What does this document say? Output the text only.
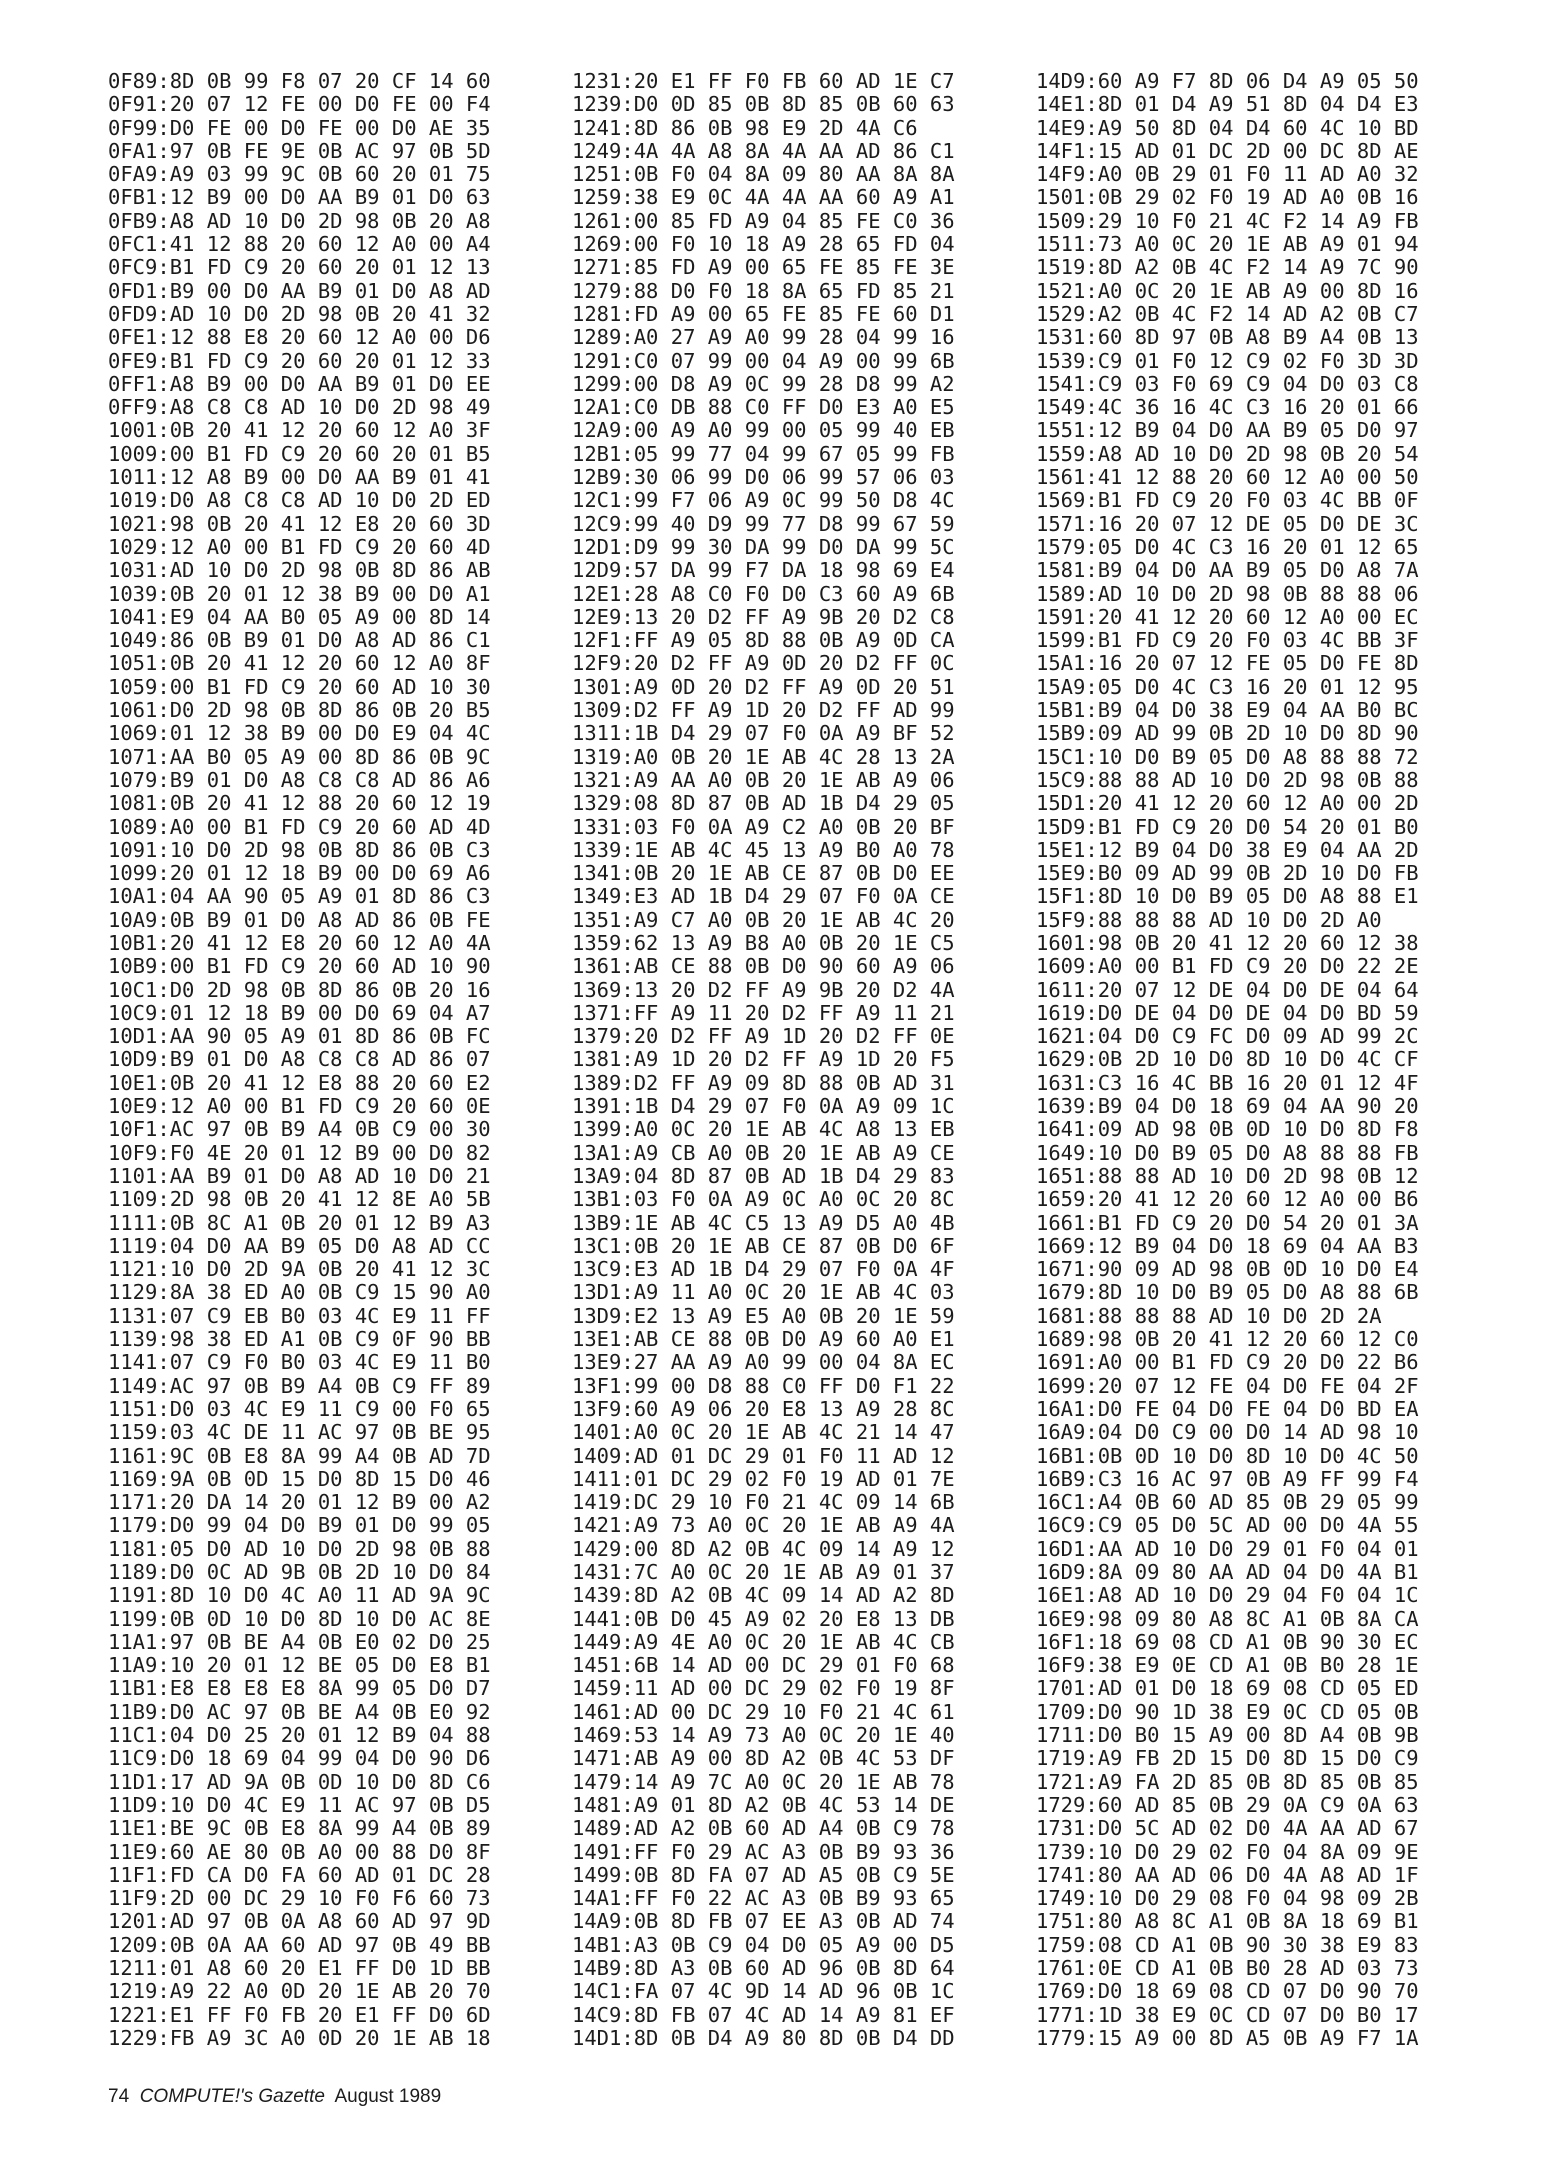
0F89:8D 0B 99 F8 07 20 CF 14 60
0F91:20 07 12 FE 00 D0 FE 00 F4
0F99:D0 FE 00 D0 FE 00 D0 AE 35
0FA1:97 0B FE 9E 0B AC 97 0B 5D
0FA9:A9 03 99 9C 0B 60 20 01 75
0FB1:12 B9 00 D0 AA B9 01 D0 63
0FB9:A8 AD 10 D0 2D 98 0B 20 A8
0FC1:41 12 88 20 60 12 A0 00 A4
0FC9:B1 FD C9 20 60 20 01 12 13
0FD1:B9 00 D0 AA B9 01 D0 A8 AD
0FD9:AD 10 D0 2D 98 0B 20 41 32
0FE1:12 88 E8 20 60 12 A0 00 D6
0FE9:B1 FD C9 20 60 20 01 12 33
0FF1:A8 B9 00 D0 AA B9 01 D0 EE
0FF9:A8 C8 C8 AD 10 D0 2D 98 49
1001:0B 20 41 12 20 60 12 A0 3F
1009:00 B1 FD C9 20 60 20 01 B5
1011:12 A8 B9 00 D0 AA B9 01 41
1019:D0 A8 C8 C8 AD 10 D0 2D ED
1021:98 0B 20 41 12 E8 20 60 3D
1029:12 A0 00 B1 FD C9 20 60 4D
1031:AD 10 D0 2D 98 0B 8D 86 AB
1039:0B 20 01 12 38 B9 00 D0 A1
1041:E9 04 AA B0 05 A9 00 8D 14
1049:86 0B B9 01 D0 A8 AD 86 C1
1051:0B 20 41 12 20 60 12 A0 8F
1059:00 B1 FD C9 20 60 AD 10 30
1061:D0 2D 98 0B 8D 86 0B 20 B5
1069:01 12 38 B9 00 D0 E9 04 4C
1071:AA B0 05 A9 00 8D 86 0B 9C
1079:B9 01 D0 A8 C8 C8 AD 86 A6
1081:0B 20 41 12 88 20 60 12 19
1089:A0 00 B1 FD C9 20 60 AD 4D
1091:10 D0 2D 98 0B 8D 86 0B C3
1099:20 01 12 18 B9 00 D0 69 A6
10A1:04 AA 90 05 A9 01 8D 86 C3
10A9:0B B9 01 D0 A8 AD 86 0B FE
10B1:20 41 12 E8 20 60 12 A0 4A
10B9:00 B1 FD C9 20 60 AD 10 90
10C1:D0 2D 98 0B 8D 86 0B 20 16
10C9:01 12 18 B9 00 D0 69 04 A7
10D1:AA 90 05 A9 01 8D 86 0B FC
10D9:B9 01 D0 A8 C8 C8 AD 86 07
10E1:0B 20 41 12 E8 88 20 60 E2
10E9:12 A0 00 B1 FD C9 20 60 0E
10F1:AC 97 0B B9 A4 0B C9 00 30
10F9:F0 4E 20 01 12 B9 00 D0 82
1101:AA B9 01 D0 A8 AD 10 D0 21
1109:2D 98 0B 20 41 12 8E A0 5B
1111:0B 8C A1 0B 20 01 12 B9 A3
1119:04 D0 AA B9 05 D0 A8 AD CC
1121:10 D0 2D 9A 0B 20 41 12 3C
1129:8A 38 ED A0 0B C9 15 90 A0
1131:07 C9 EB B0 03 4C E9 11 FF
1139:98 38 ED A1 0B C9 0F 90 BB
1141:07 C9 F0 B0 03 4C E9 11 B0
1149:AC 97 0B B9 A4 0B C9 FF 89
1151:D0 03 4C E9 11 C9 00 F0 65
1159:03 4C DE 11 AC 97 0B BE 95
1161:9C 0B E8 8A 99 A4 0B AD 7D
1169:9A 0B 0D 15 D0 8D 15 D0 46
1171:20 DA 14 20 01 12 B9 00 A2
1179:D0 99 04 D0 B9 01 D0 99 05
1181:05 D0 AD 10 D0 2D 98 0B 88
1189:D0 0C AD 9B 0B 2D 10 D0 84
1191:8D 10 D0 4C A0 11 AD 9A 9C
1199:0B 0D 10 D0 8D 10 D0 AC 8E
11A1:97 0B BE A4 0B E0 02 D0 25
11A9:10 20 01 12 BE 05 D0 E8 B1
11B1:E8 E8 E8 E8 8A 99 05 D0 D7
11B9:D0 AC 97 0B BE A4 0B E0 92
11C1:04 D0 25 20 01 12 B9 04 88
11C9:D0 18 69 04 99 04 D0 90 D6
11D1:17 AD 9A 0B 0D 10 D0 8D C6
11D9:10 D0 4C E9 11 AC 97 0B D5
11E1:BE 9C 0B E8 8A 99 A4 0B 89
11E9:60 AE 80 0B A0 00 88 D0 8F
11F1:FD CA D0 FA 60 AD 01 DC 28
11F9:2D 00 DC 29 10 F0 F6 60 73
1201:AD 97 0B 0A A8 60 AD 97 9D
1209:0B 0A AA 60 AD 97 0B 49 BB
1211:01 A8 60 20 E1 FF D0 1D BB
1219:A9 22 A0 0D 20 1E AB 20 70
1221:E1 FF F0 FB 20 E1 FF D0 6D
1229:FB A9 3C A0 0D 20 1E AB 18
1231:20 E1 FF F0 FB 60 AD 1E C7
1239:D0 0D 85 0B 8D 85 0B 60 63
1241:8D 86 0B 98 E9 2D 4A C6
1249:4A 4A A8 8A 4A AA AD 86 C1
1251:0B F0 04 8A 09 80 AA 8A 8A
1259:38 E9 0C 4A 4A AA 60 A9 A1
1261:00 85 FD A9 04 85 FE C0 36
1269:00 F0 10 18 A9 28 65 FD 04
1271:85 FD A9 00 65 FE 85 FE 3E
1279:88 D0 F0 18 8A 65 FD 85 21
1281:FD A9 00 65 FE 85 FE 60 D1
1289:A0 27 A9 A0 99 28 04 99 16
1291:C0 07 99 00 04 A9 00 99 6B
1299:00 D8 A9 0C 99 28 D8 99 A2
12A1:C0 DB 88 C0 FF D0 E3 A0 E5
12A9:00 A9 A0 99 00 05 99 40 EB
12B1:05 99 77 04 99 67 05 99 FB
12B9:30 06 99 D0 06 99 57 06 03
12C1:99 F7 06 A9 0C 99 50 D8 4C
12C9:99 40 D9 99 77 D8 99 67 59
12D1:D9 99 30 DA 99 D0 DA 99 5C
12D9:57 DA 99 F7 DA 18 98 69 E4
12E1:28 A8 C0 F0 D0 C3 60 A9 6B
12E9:13 20 D2 FF A9 9B 20 D2 C8
12F1:FF A9 05 8D 88 0B A9 0D CA
12F9:20 D2 FF A9 0D 20 D2 FF 0C
1301:A9 0D 20 D2 FF A9 0D 20 51
1309:D2 FF A9 1D 20 D2 FF AD 99
1311:1B D4 29 07 F0 0A A9 BF 52
1319:A0 0B 20 1E AB 4C 28 13 2A
1321:A9 AA A0 0B 20 1E AB A9 06
1329:08 8D 87 0B AD 1B D4 29 05
1331:03 F0 0A A9 C2 A0 0B 20 BF
1339:1E AB 4C 45 13 A9 B0 A0 78
1341:0B 20 1E AB CE 87 0B D0 EE
1349:E3 AD 1B D4 29 07 F0 0A CE
1351:A9 C7 A0 0B 20 1E AB 4C 20
1359:62 13 A9 B8 A0 0B 20 1E C5
1361:AB CE 88 0B D0 90 60 A9 06
1369:13 20 D2 FF A9 9B 20 D2 4A
1371:FF A9 11 20 D2 FF A9 11 21
1379:20 D2 FF A9 1D 20 D2 FF 0E
1381:A9 1D 20 D2 FF A9 1D 20 F5
1389:D2 FF A9 09 8D 88 0B AD 31
1391:1B D4 29 07 F0 0A A9 09 1C
1399:A0 0C 20 1E AB 4C A8 13 EB
13A1:A9 CB A0 0B 20 1E AB A9 CE
13A9:04 8D 87 0B AD 1B D4 29 83
13B1:03 F0 0A A9 0C A0 0C 20 8C
13B9:1E AB 4C C5 13 A9 D5 A0 4B
13C1:0B 20 1E AB CE 87 0B D0 6F
13C9:E3 AD 1B D4 29 07 F0 0A 4F
13D1:A9 11 A0 0C 20 1E AB 4C 03
13D9:E2 13 A9 E5 A0 0B 20 1E 59
13E1:AB CE 88 0B D0 A9 60 A0 E1
13E9:27 AA A9 A0 99 00 04 8A EC
13F1:99 00 D8 88 C0 FF D0 F1 22
13F9:60 A9 06 20 E8 13 A9 28 8C
1401:A0 0C 20 1E AB 4C 21 14 47
1409:AD 01 DC 29 01 F0 11 AD 12
1411:01 DC 29 02 F0 19 AD 01 7E
1419:DC 29 10 F0 21 4C 09 14 6B
1421:A9 73 A0 0C 20 1E AB A9 4A
1429:00 8D A2 0B 4C 09 14 A9 12
1431:7C A0 0C 20 1E AB A9 01 37
1439:8D A2 0B 4C 09 14 AD A2 8D
1441:0B D0 45 A9 02 20 E8 13 DB
1449:A9 4E A0 0C 20 1E AB 4C CB
1451:6B 14 AD 00 DC 29 01 F0 68
1459:11 AD 00 DC 29 02 F0 19 8F
1461:AD 00 DC 29 10 F0 21 4C 61
1469:53 14 A9 73 A0 0C 20 1E 40
1471:AB A9 00 8D A2 0B 4C 53 DF
1479:14 A9 7C A0 0C 20 1E AB 78
1481:A9 01 8D A2 0B 4C 53 14 DE
1489:AD A2 0B 60 AD A4 0B C9 78
1491:FF F0 29 AC A3 0B B9 93 36
1499:0B 8D FA 07 AD A5 0B C9 5E
14A1:FF F0 22 AC A3 0B B9 93 65
14A9:0B 8D FB 07 EE A3 0B AD 74
14B1:A3 0B C9 04 D0 05 A9 00 D5
14B9:8D A3 0B 60 AD 96 0B 8D 64
14C1:FA 07 4C 9D 14 AD 96 0B 1C
14C9:8D FB 07 4C AD 14 A9 81 EF
14D1:8D 0B D4 A9 80 8D 0B D4 DD
14D9:60 A9 F7 8D 06 D4 A9 05 50
14E1:8D 01 D4 A9 51 8D 04 D4 E3
14E9:A9 50 8D 04 D4 60 4C 10 BD
14F1:15 AD 01 DC 2D 00 DC 8D AE
14F9:A0 0B 29 01 F0 11 AD A0 32
1501:0B 29 02 F0 19 AD A0 0B 16
1509:29 10 F0 21 4C F2 14 A9 FB
1511:73 A0 0C 20 1E AB A9 01 94
1519:8D A2 0B 4C F2 14 A9 7C 90
1521:A0 0C 20 1E AB A9 00 8D 16
1529:A2 0B 4C F2 14 AD A2 0B C7
1531:60 8D 97 0B A8 B9 A4 0B 13
1539:C9 01 F0 12 C9 02 F0 3D 3D
1541:C9 03 F0 69 C9 04 D0 03 C8
1549:4C 36 16 4C C3 16 20 01 66
1551:12 B9 04 D0 AA B9 05 D0 97
1559:A8 AD 10 D0 2D 98 0B 20 54
1561:41 12 88 20 60 12 A0 00 50
1569:B1 FD C9 20 F0 03 4C BB 0F
1571:16 20 07 12 DE 05 D0 DE 3C
1579:05 D0 4C C3 16 20 01 12 65
1581:B9 04 D0 AA B9 05 D0 A8 7A
1589:AD 10 D0 2D 98 0B 88 88 06
1591:20 41 12 20 60 12 A0 00 EC
1599:B1 FD C9 20 F0 03 4C BB 3F
15A1:16 20 07 12 FE 05 D0 FE 8D
15A9:05 D0 4C C3 16 20 01 12 95
15B1:B9 04 D0 38 E9 04 AA B0 BC
15B9:09 AD 99 0B 2D 10 D0 8D 90
15C1:10 D0 B9 05 D0 A8 88 88 72
15C9:88 88 AD 10 D0 2D 98 0B 88
15D1:20 41 12 20 60 12 A0 00 2D
15D9:B1 FD C9 20 D0 54 20 01 B0
15E1:12 B9 04 D0 38 E9 04 AA 2D
15E9:B0 09 AD 99 0B 2D 10 D0 FB
15F1:8D 10 D0 B9 05 D0 A8 88 E1
15F9:88 88 88 AD 10 D0 2D A0
1601:98 0B 20 41 12 20 60 12 38
1609:A0 00 B1 FD C9 20 D0 22 2E
1611:20 07 12 DE 04 D0 DE 04 64
1619:D0 DE 04 D0 DE 04 D0 BD 59
1621:04 D0 C9 FC D0 09 AD 99 2C
1629:0B 2D 10 D0 8D 10 D0 4C CF
1631:C3 16 4C BB 16 20 01 12 4F
1639:B9 04 D0 18 69 04 AA 90 20
1641:09 AD 98 0B 0D 10 D0 8D F8
1649:10 D0 B9 05 D0 A8 88 88 FB
1651:88 88 AD 10 D0 2D 98 0B 12
1659:20 41 12 20 60 12 A0 00 B6
1661:B1 FD C9 20 D0 54 20 01 3A
1669:12 B9 04 D0 18 69 04 AA B3
1671:90 09 AD 98 0B 0D 10 D0 E4
1679:8D 10 D0 B9 05 D0 A8 88 6B
1681:88 88 88 AD 10 D0 2D 2A
1689:98 0B 20 41 12 20 60 12 C0
1691:A0 00 B1 FD C9 20 D0 22 B6
1699:20 07 12 FE 04 D0 FE 04 2F
16A1:D0 FE 04 D0 FE 04 D0 BD EA
16A9:04 D0 C9 00 D0 14 AD 98 10
16B1:0B 0D 10 D0 8D 10 D0 4C 50
16B9:C3 16 AC 97 0B A9 FF 99 F4
16C1:A4 0B 60 AD 85 0B 29 05 99
16C9:C9 05 D0 5C AD 00 D0 4A 55
16D1:AA AD 10 D0 29 01 F0 04 01
16D9:8A 09 80 AA AD 04 D0 4A B1
16E1:A8 AD 10 D0 29 04 F0 04 1C
16E9:98 09 80 A8 8C A1 0B 8A CA
16F1:18 69 08 CD A1 0B 90 30 EC
16F9:38 E9 0E CD A1 0B B0 28 1E
1701:AD 01 D0 18 69 08 CD 05 ED
1709:D0 90 1D 38 E9 0C CD 05 0B
1711:D0 B0 15 A9 00 8D A4 0B 9B
1719:A9 FB 2D 15 D0 8D 15 D0 C9
1721:A9 FA 2D 85 0B 8D 85 0B 85
1729:60 AD 85 0B 29 0A C9 0A 63
1731:D0 5C AD 02 D0 4A AA AD 67
1739:10 D0 29 02 F0 04 8A 09 9E
1741:80 AA AD 06 D0 4A A8 AD 1F
1749:10 D0 29 08 F0 04 98 09 2B
1751:80 A8 8C A1 0B 8A 18 69 B1
1759:08 CD A1 0B 90 30 38 E9 83
1761:0E CD A1 0B B0 28 AD 03 73
1769:D0 18 69 08 CD 07 D0 90 70
1771:1D 38 E9 0C CD 07 D0 B0 17
1779:15 A9 00 8D A5 0B A9 F7 1A
74 COMPUTE!'s Gazette August 1989
